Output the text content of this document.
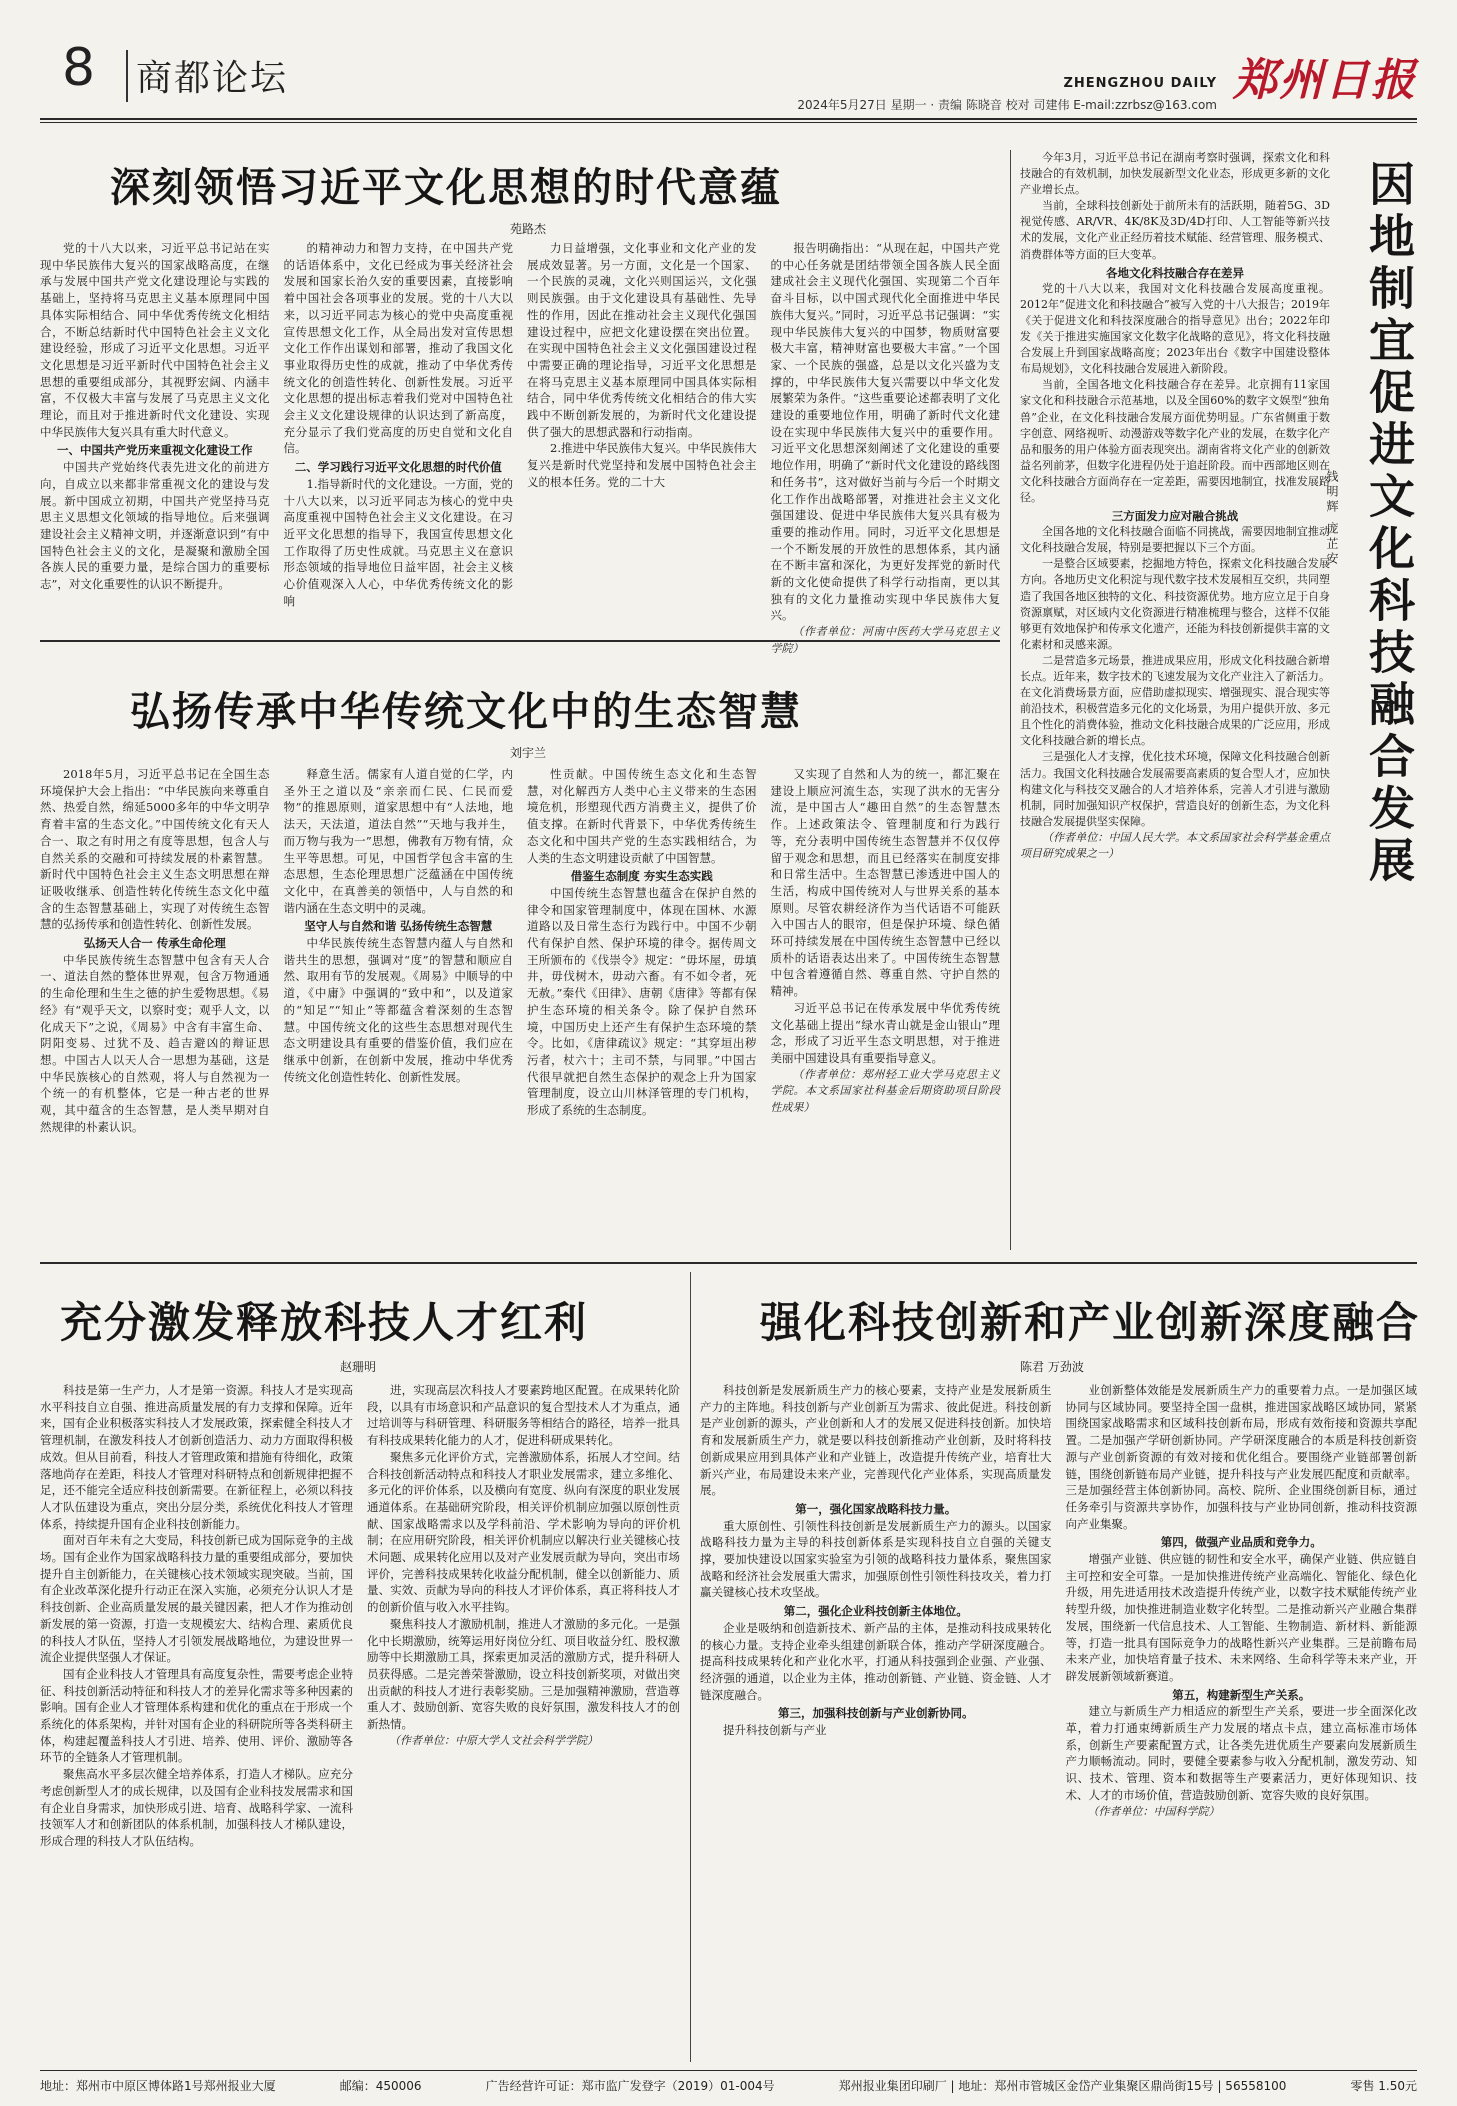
8 商都论坛	ZHENGZHOU DAILY 郑州日报
2024年5月27日 星期一 · 责编 陈晓音 校对 司建伟 E-mail:zzrbsz@163.com
深刻领悟习近平文化思想的时代意蕴
苑路杰

党的十八大以来，习近平总书记站在实现中华民族伟大复兴的国家战略高度，在继承与发展中国共产党文化建设理论与实践的基础上，坚持将马克思主义基本原理同中国具体实际相结合、同中华优秀传统文化相结合，不断总结新时代中国特色社会主义文化建设经验，形成了习近平文化思想。习近平文化思想是习近平新时代中国特色社会主义思想的重要组成部分，其视野宏阔、内涵丰富，不仅极大丰富与发展了马克思主义文化理论，而且对于推进新时代文化建设、实现中华民族伟大复兴具有重大时代意义。

一、中国共产党历来重视文化建设工作

中国共产党始终代表先进文化的前进方向，自成立以来都非常重视文化的建设与发展。新中国成立初期，中国共产党坚持马克思主义思想文化领域的指导地位。后来强调建设社会主义精神文明，并逐渐意识到“有中国特色社会主义的文化，是凝聚和激励全国各族人民的重要力量，是综合国力的重要标志”，对文化重要性的认识不断提升。

的精神动力和智力支持，在中国共产党的话语体系中，文化已经成为事关经济社会发展和国家长治久安的重要因素，直接影响着中国社会各项事业的发展。党的十八大以来，以习近平同志为核心的党中央高度重视宣传思想文化工作，从全局出发对宣传思想文化工作作出谋划和部署，推动了我国文化事业取得历史性的成就，推动了中华优秀传统文化的创造性转化、创新性发展。习近平文化思想的提出标志着我们党对中国特色社会主义文化建设规律的认识达到了新高度，充分显示了我们党高度的历史自觉和文化自信。

二、学习践行习近平文化思想的时代价值

1.指导新时代的文化建设。一方面，党的十八大以来，以习近平同志为核心的党中央高度重视中国特色社会主义文化建设。在习近平文化思想的指导下，我国宣传思想文化工作取得了历史性成就。马克思主义在意识形态领域的指导地位日益牢固，社会主义核心价值观深入人心，中华优秀传统文化的影响

力日益增强，文化事业和文化产业的发展成效显著。另一方面，文化是一个国家、一个民族的灵魂，文化兴则国运兴，文化强则民族强。由于文化建设具有基础性、先导性的作用，因此在推动社会主义现代化强国建设过程中，应把文化建设摆在突出位置。在实现中国特色社会主义文化强国建设过程中需要正确的理论指导，习近平文化思想是在将马克思主义基本原理同中国具体实际相结合，同中华优秀传统文化相结合的伟大实践中不断创新发展的，为新时代文化建设提供了强大的思想武器和行动指南。

2.推进中华民族伟大复兴。中华民族伟大复兴是新时代党坚持和发展中国特色社会主义的根本任务。党的二十大

报告明确指出：“从现在起，中国共产党的中心任务就是团结带领全国各族人民全面建成社会主义现代化强国、实现第二个百年奋斗目标，以中国式现代化全面推进中华民族伟大复兴。”同时，习近平总书记强调：“实现中华民族伟大复兴的中国梦，物质财富要极大丰富，精神财富也要极大丰富。”一个国家、一个民族的强盛，总是以文化兴盛为支撑的，中华民族伟大复兴需要以中华文化发展繁荣为条件。“这些重要论述都表明了文化建设的重要地位作用，明确了新时代文化建设在实现中华民族伟大复兴中的重要作用。习近平文化思想深刻阐述了文化建设的重要地位作用，明确了“新时代文化建设的路线图和任务书”，这对做好当前与今后一个时期文化工作作出战略部署，对推进社会主义文化强国建设、促进中华民族伟大复兴具有极为重要的推动作用。同时，习近平文化思想是一个不断发展的开放性的思想体系，其内涵在不断丰富和深化，为更好发挥党的新时代新的文化使命提供了科学行动指南，更以其独有的文化力量推动实现中华民族伟大复兴。

（作者单位：河南中医药大学马克思主义学院）

弘扬传承中华传统文化中的生态智慧
刘宇兰

2018年5月，习近平总书记在全国生态环境保护大会上指出：“中华民族向来尊重自然、热爱自然，绵延5000多年的中华文明孕育着丰富的生态文化。”中国传统文化有天人合一、取之有时用之有度等思想，包含人与自然关系的交融和可持续发展的朴素智慧。新时代中国特色社会主义生态文明思想在辩证吸收继承、创造性转化传统生态文化中蕴含的生态智慧基础上，实现了对传统生态智慧的弘扬传承和创造性转化、创新性发展。

弘扬天人合一 传承生命伦理

中华民族传统生态智慧中包含有天人合一、道法自然的整体世界观，包含万物通通的生命伦理和生生之德的护生爱物思想。《易经》有“观乎天文，以察时变；观乎人文，以化成天下”之说，《周易》中含有丰富生命、阴阳变易、过犹不及、趋吉避凶的辩证思想。中国古人以天人合一思想为基础，这是中华民族核心的自然观，将人与自然视为一个统一的有机整体，它是一种古老的世界观，其中蕴含的生态智慧，是人类早期对自然规律的朴素认识。

释意生活。儒家有人道自觉的仁学，内圣外王之道以及“亲亲而仁民、仁民而爱物”的推恩原则，道家思想中有“人法地，地法天，天法道，道法自然”“天地与我并生，而万物与我为一”思想，佛教有万物有情，众生平等思想。可见，中国哲学包含丰富的生态思想，生态伦理思想广泛蕴涵在中国传统文化中，在真善美的领悟中，人与自然的和谐内涵在生态文明中的灵魂。

坚守人与自然和谐 弘扬传统生态智慧

中华民族传统生态智慧内蕴人与自然和谐共生的思想，强调对“度”的智慧和顺应自然、取用有节的发展观。《周易》中顺导的中道，《中庸》中强调的“致中和”，以及道家的“知足”“知止”等都蕴含着深刻的生态智慧。中国传统文化的这些生态思想对现代生态文明建设具有重要的借鉴价值，我们应在继承中创新，在创新中发展，推动中华优秀传统文化创造性转化、创新性发展。

性贡献。中国传统生态文化和生态智慧，对化解西方人类中心主义带来的生态困境危机，形塑现代西方消费主义，提供了价值支撑。在新时代背景下，中华优秀传统生态文化和中国共产党的生态实践相结合，为人类的生态文明建设贡献了中国智慧。

借鉴生态制度 夯实生态实践

中国传统生态智慧也蕴含在保护自然的律令和国家管理制度中，体现在国林、水源道路以及日常生态行为践行中。中国不少朝代有保护自然、保护环境的律令。据传周文王所颁布的《伐崇令》规定：“毋坏屋，毋填井，毋伐树木，毋动六畜。有不如令者，死无赦。”秦代《田律》、唐朝《唐律》等都有保护生态环境的相关条令。除了保护自然环境，中国历史上还产生有保护生态环境的禁令。比如，《唐律疏议》规定：“其穿垣出秽污者，杖六十；主司不禁，与同罪。”中国古代很早就把自然生态保护的观念上升为国家管理制度，设立山川林泽管理的专门机构，形成了系统的生态制度。

又实现了自然和人为的统一，都汇聚在建设上顺应河流生态，实现了洪水的无害分流，是中国古人“趣田自然”的生态智慧杰作。上述政策法令、管理制度和行为践行等，充分表明中国传统生态智慧并不仅仅停留于观念和思想，而且已经落实在制度安排和日常生活中。生态智慧已渗透进中国人的生活，构成中国传统对人与世界关系的基本原则。尽管农耕经济作为当代话语不可能跃入中国古人的眼帘，但是保护环境、绿色循环可持续发展在中国传统生态智慧中已经以质朴的话语表达出来了。中国传统生态智慧中包含着遵循自然、尊重自然、守护自然的精神。

习近平总书记在传承发展中华优秀传统文化基础上提出“绿水青山就是金山银山”理念，形成了习近平生态文明思想，对于推进美丽中国建设具有重要指导意义。

（作者单位：郑州轻工业大学马克思主义学院。本文系国家社科基金后期资助项目阶段性成果）

今年3月，习近平总书记在湖南考察时强调，探索文化和科技融合的有效机制，加快发展新型文化业态，形成更多新的文化产业增长点。

当前，全球科技创新处于前所未有的活跃期，随着5G、3D视觉传感、AR/VR、4K/8K及3D/4D打印、人工智能等新兴技术的发展，文化产业正经历着技术赋能、经营管理、服务模式、消费群体等方面的巨大变革。

各地文化科技融合存在差异

党的十八大以来，我国对文化科技融合发展高度重视。2012年“促进文化和科技融合”被写入党的十八大报告；2019年《关于促进文化和科技深度融合的指导意见》出台；2022年印发《关于推进实施国家文化数字化战略的意见》，将文化科技融合发展上升到国家战略高度；2023年出台《数字中国建设整体布局规划》，文化科技融合发展进入新阶段。

当前，全国各地文化科技融合存在差异。北京拥有11家国家文化和科技融合示范基地，以及全国60%的数字文娱型“独角兽”企业，在文化科技融合发展方面优势明显。广东省侧重于数字创意、网络视听、动漫游戏等数字化产业的发展，在数字化产品和服务的用户体验方面表现突出。湖南省将文化产业的创新效益名列前茅，但数字化进程仍处于追赶阶段。而中西部地区则在文化科技融合方面尚存在一定差距，需要因地制宜，找准发展路径。

三方面发力应对融合挑战

全国各地的文化科技融合面临不同挑战，需要因地制宜推动文化科技融合发展，特别是要把握以下三个方面。

一是整合区域要素，挖掘地方特色，探索文化科技融合发展方向。各地历史文化积淀与现代数字技术发展相互交织，共同塑造了我国各地区独特的文化、科技资源优势。地方应立足于自身资源禀赋，对区域内文化资源进行精准梳理与整合，这样不仅能够更有效地保护和传承文化遗产，还能为科技创新提供丰富的文化素材和灵感来源。

二是营造多元场景，推进成果应用，形成文化科技融合新增长点。近年来，数字技术的飞速发展为文化产业注入了新活力。在文化消费场景方面，应借助虚拟现实、增强现实、混合现实等前沿技术，积极营造多元化的文化场景，为用户提供开放、多元且个性化的消费体验，推动文化科技融合成果的广泛应用，形成文化科技融合新的增长点。

三是强化人才支撑，优化技术环境，保障文化科技融合创新活力。我国文化科技融合发展需要高素质的复合型人才，应加快构建文化与科技交叉融合的人才培养体系，完善人才引进与激励机制，同时加强知识产权保护，营造良好的创新生态，为文化科技融合发展提供坚实保障。

（作者单位：中国人民大学。本文系国家社会科学基金重点项目研究成果之一）	因地制宜促进文化科技融合发展
钱明辉 庞芷安
充分激发释放科技人才红利
赵珊明

科技是第一生产力，人才是第一资源。科技人才是实现高水平科技自立自强、推进高质量发展的有力支撑和保障。近年来，国有企业积极落实科技人才发展政策，探索健全科技人才管理机制，在激发科技人才创新创造活力、动力方面取得积极成效。但从目前看，科技人才管理政策和措施有待细化，政策落地尚存在差距，科技人才管理对科研特点和创新规律把握不足，还不能完全适应科技创新需要。在新征程上，必须以科技人才队伍建设为重点，突出分层分类，系统优化科技人才管理体系，持续提升国有企业科技创新能力。

面对百年未有之大变局，科技创新已成为国际竞争的主战场。国有企业作为国家战略科技力量的重要组成部分，要加快提升自主创新能力，在关键核心技术领域实现突破。当前，国有企业改革深化提升行动正在深入实施，必须充分认识人才是科技创新、企业高质量发展的最关键因素，把人才作为推动创新发展的第一资源，打造一支规模宏大、结构合理、素质优良的科技人才队伍，坚持人才引领发展战略地位，为建设世界一流企业提供坚强人才保证。

国有企业科技人才管理具有高度复杂性，需要考虑企业特征、科技创新活动特征和科技人才的差异化需求等多种因素的影响。国有企业人才管理体系构建和优化的重点在于形成一个系统化的体系架构，并针对国有企业的科研院所等各类科研主体，构建起覆盖科技人才引进、培养、使用、评价、激励等各环节的全链条人才管理机制。

聚焦高水平多层次健全培养体系，打造人才梯队。应充分考虑创新型人才的成长规律，以及国有企业科技发展需求和国有企业自身需求，加快形成引进、培育、战略科学家、一流科技领军人才和创新团队的体系机制，加强科技人才梯队建设，形成合理的科技人才队伍结构。

进，实现高层次科技人才要素跨地区配置。在成果转化阶段，以具有市场意识和产品意识的复合型技术人才为重点，通过培训等与科研管理、科研服务等相结合的路径，培养一批具有科技成果转化能力的人才，促进科研成果转化。

聚焦多元化评价方式，完善激励体系，拓展人才空间。结合科技创新活动特点和科技人才职业发展需求，建立多维化、多元化的评价体系，以及横向有宽度、纵向有深度的职业发展通道体系。在基础研究阶段，相关评价机制应加强以原创性贡献、国家战略需求以及学科前沿、学术影响为导向的评价机制；在应用研究阶段，相关评价机制应以解决行业关键核心技术问题、成果转化应用以及对产业发展贡献为导向，突出市场评价，完善科技成果转化收益分配机制，健全以创新能力、质量、实效、贡献为导向的科技人才评价体系，真正将科技人才的创新价值与收入水平挂钩。

聚焦科技人才激励机制，推进人才激励的多元化。一是强化中长期激励，统筹运用好岗位分红、项目收益分红、股权激励等中长期激励工具，探索更加灵活的激励方式，提升科研人员获得感。二是完善荣誉激励，设立科技创新奖项，对做出突出贡献的科技人才进行表彰奖励。三是加强精神激励，营造尊重人才、鼓励创新、宽容失败的良好氛围，激发科技人才的创新热情。

（作者单位：中原大学人文社会科学学院）

强化科技创新和产业创新深度融合
陈君 万劲波

科技创新是发展新质生产力的核心要素，支持产业是发展新质生产力的主阵地。科技创新与产业创新互为需求、彼此促进。科技创新是产业创新的源头，产业创新和人才的发展又促进科技创新。加快培育和发展新质生产力，就是要以科技创新推动产业创新，及时将科技创新成果应用到具体产业和产业链上，改造提升传统产业，培育壮大新兴产业，布局建设未来产业，完善现代化产业体系，实现高质量发展。

第一，强化国家战略科技力量。

重大原创性、引领性科技创新是发展新质生产力的源头。以国家战略科技力量为主导的科技创新体系是实现科技自立自强的关键支撑，要加快建设以国家实验室为引领的战略科技力量体系，聚焦国家战略和经济社会发展重大需求，加强原创性引领性科技攻关，着力打赢关键核心技术攻坚战。

第二，强化企业科技创新主体地位。

企业是吸纳和创造新技术、新产品的主体，是推动科技成果转化的核心力量。支持企业牵头组建创新联合体，推动产学研深度融合。提高科技成果转化和产业化水平，打通从科技强到企业强、产业强、经济强的通道，以企业为主体，推动创新链、产业链、资金链、人才链深度融合。

第三，加强科技创新与产业创新协同。

提升科技创新与产业

业创新整体效能是发展新质生产力的重要着力点。一是加强区域协同与区域协同。要坚持全国一盘棋，推进国家战略区域协同，紧紧围绕国家战略需求和区域科技创新布局，形成有效衔接和资源共享配置。二是加强产学研创新协同。产学研深度融合的本质是科技创新资源与产业创新资源的有效对接和优化组合。要围绕产业链部署创新链，围绕创新链布局产业链，提升科技与产业发展匹配度和贡献率。三是加强经营主体创新协同。高校、院所、企业围绕创新目标，通过任务牵引与资源共享协作，加强科技与产业协同创新，推动科技资源向产业集聚。

第四，做强产业品质和竞争力。

增强产业链、供应链的韧性和安全水平，确保产业链、供应链自主可控和安全可靠。一是加快推进传统产业高端化、智能化、绿色化升级，用先进适用技术改造提升传统产业，以数字技术赋能传统产业转型升级，加快推进制造业数字化转型。二是推动新兴产业融合集群发展，围绕新一代信息技术、人工智能、生物制造、新材料、新能源等，打造一批具有国际竞争力的战略性新兴产业集群。三是前瞻布局未来产业，加快培育量子技术、未来网络、生命科学等未来产业，开辟发展新领域新赛道。

第五，构建新型生产关系。

建立与新质生产力相适应的新型生产关系，要进一步全面深化改革，着力打通束缚新质生产力发展的堵点卡点，建立高标准市场体系，创新生产要素配置方式，让各类先进优质生产要素向发展新质生产力顺畅流动。同时，要健全要素参与收入分配机制，激发劳动、知识、技术、管理、资本和数据等生产要素活力，更好体现知识、技术、人才的市场价值，营造鼓励创新、宽容失败的良好氛围。

（作者单位：中国科学院）

地址：郑州市中原区博体路1号郑州报业大厦	邮编：450006	广告经营许可证：郑市监广发登字（2019）01-004号	郑州报业集团印刷厂 | 地址：郑州市管城区金岱产业集聚区鼎尚街15号 | 56558100	零售 1.50元
